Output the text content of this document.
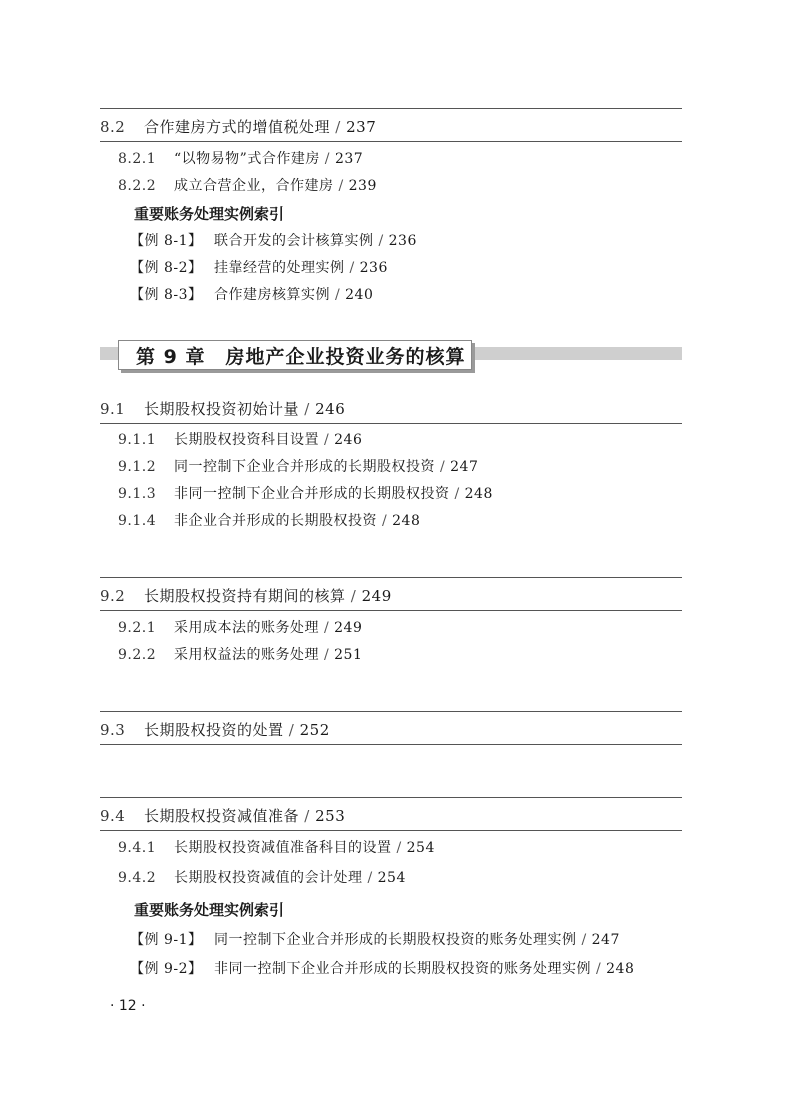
8.2 合作建房方式的增值税处理 / 237
8.2.1 “以物易物”式合作建房 / 237
8.2.2 成立合营企业，合作建房 / 239
重要账务处理实例索引
【例 8-1】 联合开发的会计核算实例 / 236
【例 8-2】 挂靠经营的处理实例 / 236
【例 8-3】 合作建房核算实例 / 240
第 9 章　房地产企业投资业务的核算
9.1 长期股权投资初始计量 / 246
9.1.1 长期股权投资科目设置 / 246
9.1.2 同一控制下企业合并形成的长期股权投资 / 247
9.1.3 非同一控制下企业合并形成的长期股权投资 / 248
9.1.4 非企业合并形成的长期股权投资 / 248
9.2 长期股权投资持有期间的核算 / 249
9.2.1 采用成本法的账务处理 / 249
9.2.2 采用权益法的账务处理 / 251
9.3 长期股权投资的处置 / 252
9.4 长期股权投资减值准备 / 253
9.4.1 长期股权投资减值准备科目的设置 / 254
9.4.2 长期股权投资减值的会计处理 / 254
重要账务处理实例索引
【例 9-1】 同一控制下企业合并形成的长期股权投资的账务处理实例 / 247
【例 9-2】 非同一控制下企业合并形成的长期股权投资的账务处理实例 / 248
· 12 ·
